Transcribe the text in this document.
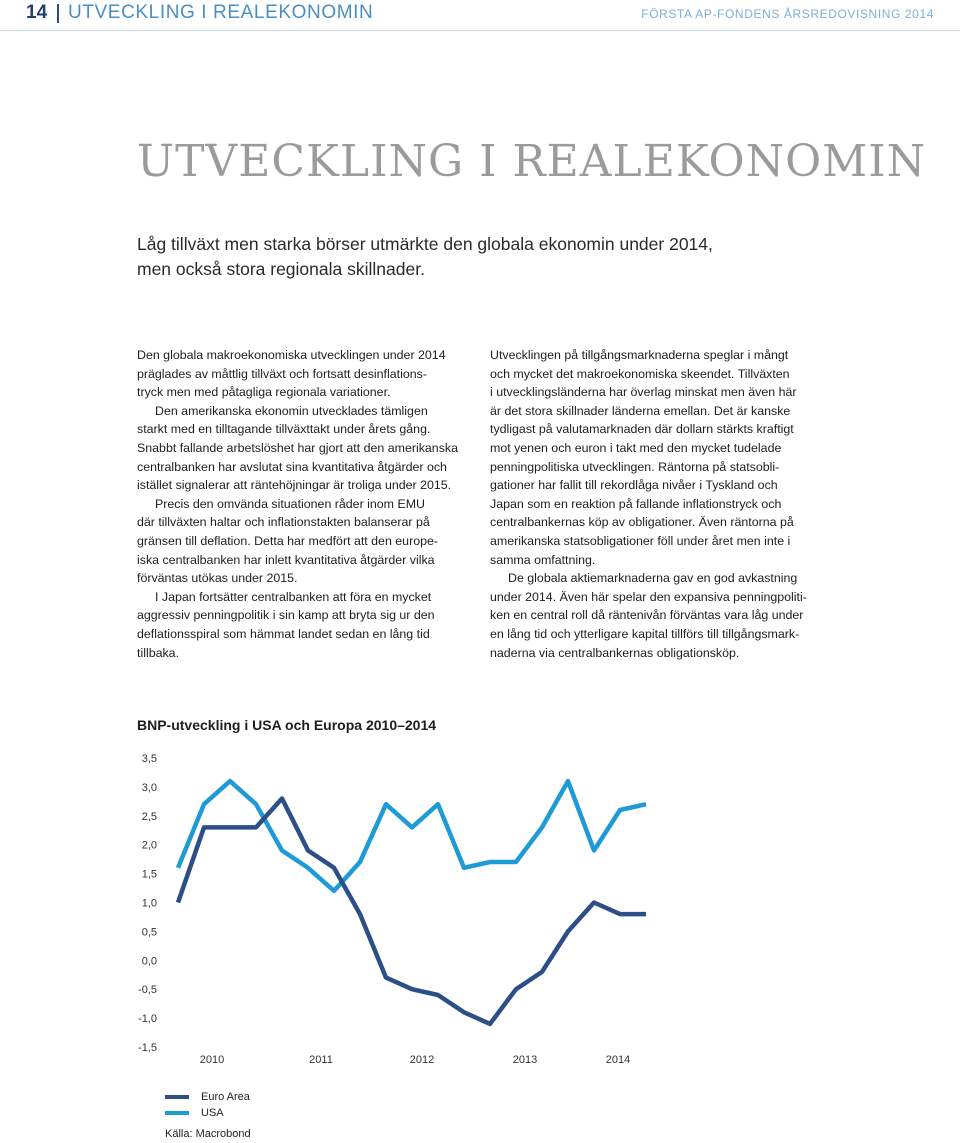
14 UTVECKLING I REALEKONOMIN	FÖRSTA AP-FONDENS ÅRSREDOVISNING 2014
UTVECKLING I REALEKONOMIN

Låg tillväxt men starka börser utmärkte den globala ekonomin under 2014,
men också stora regionala skillnader.

Den globala makroekonomiska utvecklingen under 2014
präglades av måttlig tillväxt och fortsatt desinflations-
tryck men med påtagliga regionala variationer.

Den amerikanska ekonomin utvecklades tämligen
starkt med en tilltagande tillväxttakt under årets gång.
Snabbt fallande arbetslöshet har gjort att den amerikanska
centralbanken har avslutat sina kvantitativa åtgärder och
istället signalerar att räntehöjningar är troliga under 2015.

Precis den omvända situationen råder inom EMU
där tillväxten haltar och inflationstakten balanserar på
gränsen till deflation. Detta har medfört att den europe-
iska centralbanken har inlett kvantitativa åtgärder vilka
förväntas utökas under 2015.

I Japan fortsätter centralbanken att föra en mycket
aggressiv penningpolitik i sin kamp att bryta sig ur den
deflationsspiral som hämmat landet sedan en lång tid
tillbaka.

Utvecklingen på tillgångsmarknaderna speglar i mångt
och mycket det makroekonomiska skeendet. Tillväxten
i utvecklingsländerna har överlag minskat men även här
är det stora skillnader länderna emellan. Det är kanske
tydligast på valutamarknaden där dollarn stärkts kraftigt
mot yenen och euron i takt med den mycket tudelade
penningpolitiska utvecklingen. Räntorna på statsobli-
gationer har fallit till rekordlåga nivåer i Tyskland och
Japan som en reaktion på fallande inflationstryck och
centralbankernas köp av obligationer. Även räntorna på
amerikanska statsobligationer föll under året men inte i
samma omfattning.

De globala aktiemarknaderna gav en god avkastning
under 2014. Även här spelar den expansiva penningpoliti-
ken en central roll då räntenivån förväntas vara låg under
en lång tid och ytterligare kapital tillförs till tillgångsmark-
naderna via centralbankernas obligationsköp.

BNP-utveckling i USA och Europa 2010–2014
3,5
3,0
2,5
2,0
1,5
1,0
0,5
0,0
-0,5
-1,0
-1,5
2010	2011	2012	2013	2014
Euro Area
USA
Källa: Macrobond
